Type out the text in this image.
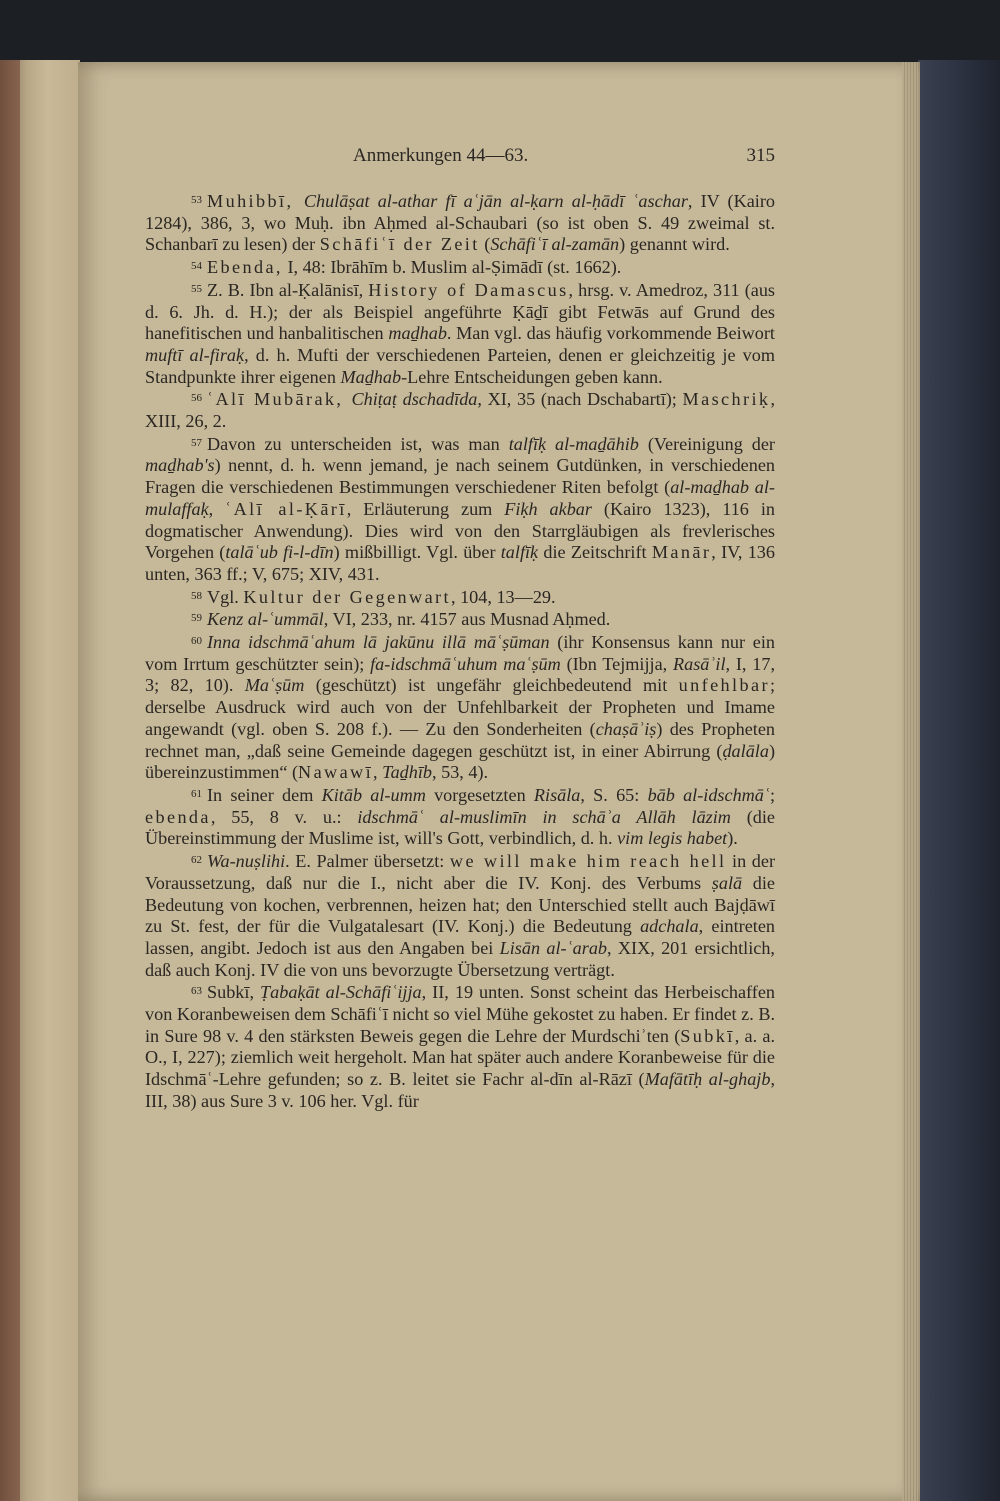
Anmerkungen 44—63.	315
$^{53}$ Muhibbī, Chulāṣat al-athar fī aʿjān al-ḳarn al-ḥādī ʿaschar, IV (Kairo 1284), 386, 3, wo Muḥ. ibn Aḥmed al-Schaubari (so ist oben S. 49 zweimal st. Schanbarī zu lesen) der Schāfiʿī der Zeit (Schāfiʿī al-zamān) genannt wird.
$^{54}$ Ebenda, I, 48: Ibrāhīm b. Muslim al-Ṣimādī (st. 1662).
$^{55}$ Z. B. Ibn al-Ḳalānisī, History of Damascus, hrsg. v. Amedroz, 311 (aus d. 6. Jh. d. H.); der als Beispiel angeführte Ḳāḏī gibt Fetwās auf Grund des hanefitischen und hanbalitischen maḏhab. Man vgl. das häufig vorkommende Beiwort muftī al-firaḳ, d. h. Mufti der verschiedenen Parteien, denen er gleichzeitig je vom Standpunkte ihrer eigenen Maḏhab-Lehre Entscheidungen geben kann.
$^{56}$ ʿAlī Mubārak, Chiṭaṭ dschadīda, XI, 35 (nach Dschabartī); Maschriḳ, XIII, 26, 2.
$^{57}$ Davon zu unterscheiden ist, was man talfīḳ al-maḏāhib (Vereinigung der maḏhab's) nennt, d. h. wenn jemand, je nach seinem Gutdünken, in verschiedenen Fragen die verschiedenen Bestimmungen verschiedener Riten befolgt (al-maḏhab al-mulaffaḳ, ʿAlī al-Ḳārī, Erläuterung zum Fiḳh akbar (Kairo 1323), 116 in dogmatischer Anwendung). Dies wird von den Starrgläubigen als frevlerisches Vorgehen (talāʿub fi-l-dīn) mißbilligt. Vgl. über talfīḳ die Zeitschrift Manār, IV, 136 unten, 363 ff.; V, 675; XIV, 431.
$^{58}$ Vgl. Kultur der Gegenwart, 104, 13—29.
$^{59}$ Kenz al-ʿummāl, VI, 233, nr. 4157 aus Musnad Aḥmed.
$^{60}$ Inna idschmāʿahum lā jakūnu illā māʿṣūman (ihr Konsensus kann nur ein vom Irrtum geschützter sein); fa-idschmāʿuhum maʿṣūm (Ibn Tejmijja, Rasāʾil, I, 17, 3; 82, 10). Maʿṣūm (geschützt) ist ungefähr gleichbedeutend mit unfehlbar; derselbe Ausdruck wird auch von der Unfehlbarkeit der Propheten und Imame angewandt (vgl. oben S. 208 f.). — Zu den Sonderheiten (chaṣāʾiṣ) des Propheten rechnet man, „daß seine Gemeinde dagegen geschützt ist, in einer Abirrung (ḍalāla) übereinzustimmen“ (Nawawī, Taḏhīb, 53, 4).
$^{61}$ In seiner dem Kitāb al-umm vorgesetzten Risāla, S. 65: bāb al-idschmāʿ; ebenda, 55, 8 v. u.: idschmāʿ al-muslimīn in schāʾa Allāh lāzim (die Übereinstimmung der Muslime ist, will's Gott, verbindlich, d. h. vim legis habet).
$^{62}$ Wa-nuṣlihi. E. Palmer übersetzt: we will make him reach hell in der Voraussetzung, daß nur die I., nicht aber die IV. Konj. des Verbums ṣalā die Bedeutung von kochen, verbrennen, heizen hat; den Unterschied stellt auch Bajḍāwī zu St. fest, der für die Vulgatalesart (IV. Konj.) die Bedeutung adchala, eintreten lassen, angibt. Jedoch ist aus den Angaben bei Lisān al-ʿarab, XIX, 201 ersichtlich, daß auch Konj. IV die von uns bevorzugte Übersetzung verträgt.
$^{63}$ Subkī, Ṭabaḳāt al-Schāfiʿijja, II, 19 unten. Sonst scheint das Herbeischaffen von Koranbeweisen dem Schāfiʿī nicht so viel Mühe gekostet zu haben. Er findet z. B. in Sure 98 v. 4 den stärksten Beweis gegen die Lehre der Murdschiʾten (Subkī, a. a. O., I, 227); ziemlich weit hergeholt. Man hat später auch andere Koranbeweise für die Idschmāʿ-Lehre gefunden; so z. B. leitet sie Fachr al-dīn al-Rāzī (Mafātīḥ al-ghajb, III, 38) aus Sure 3 v. 106 her. Vgl. für
